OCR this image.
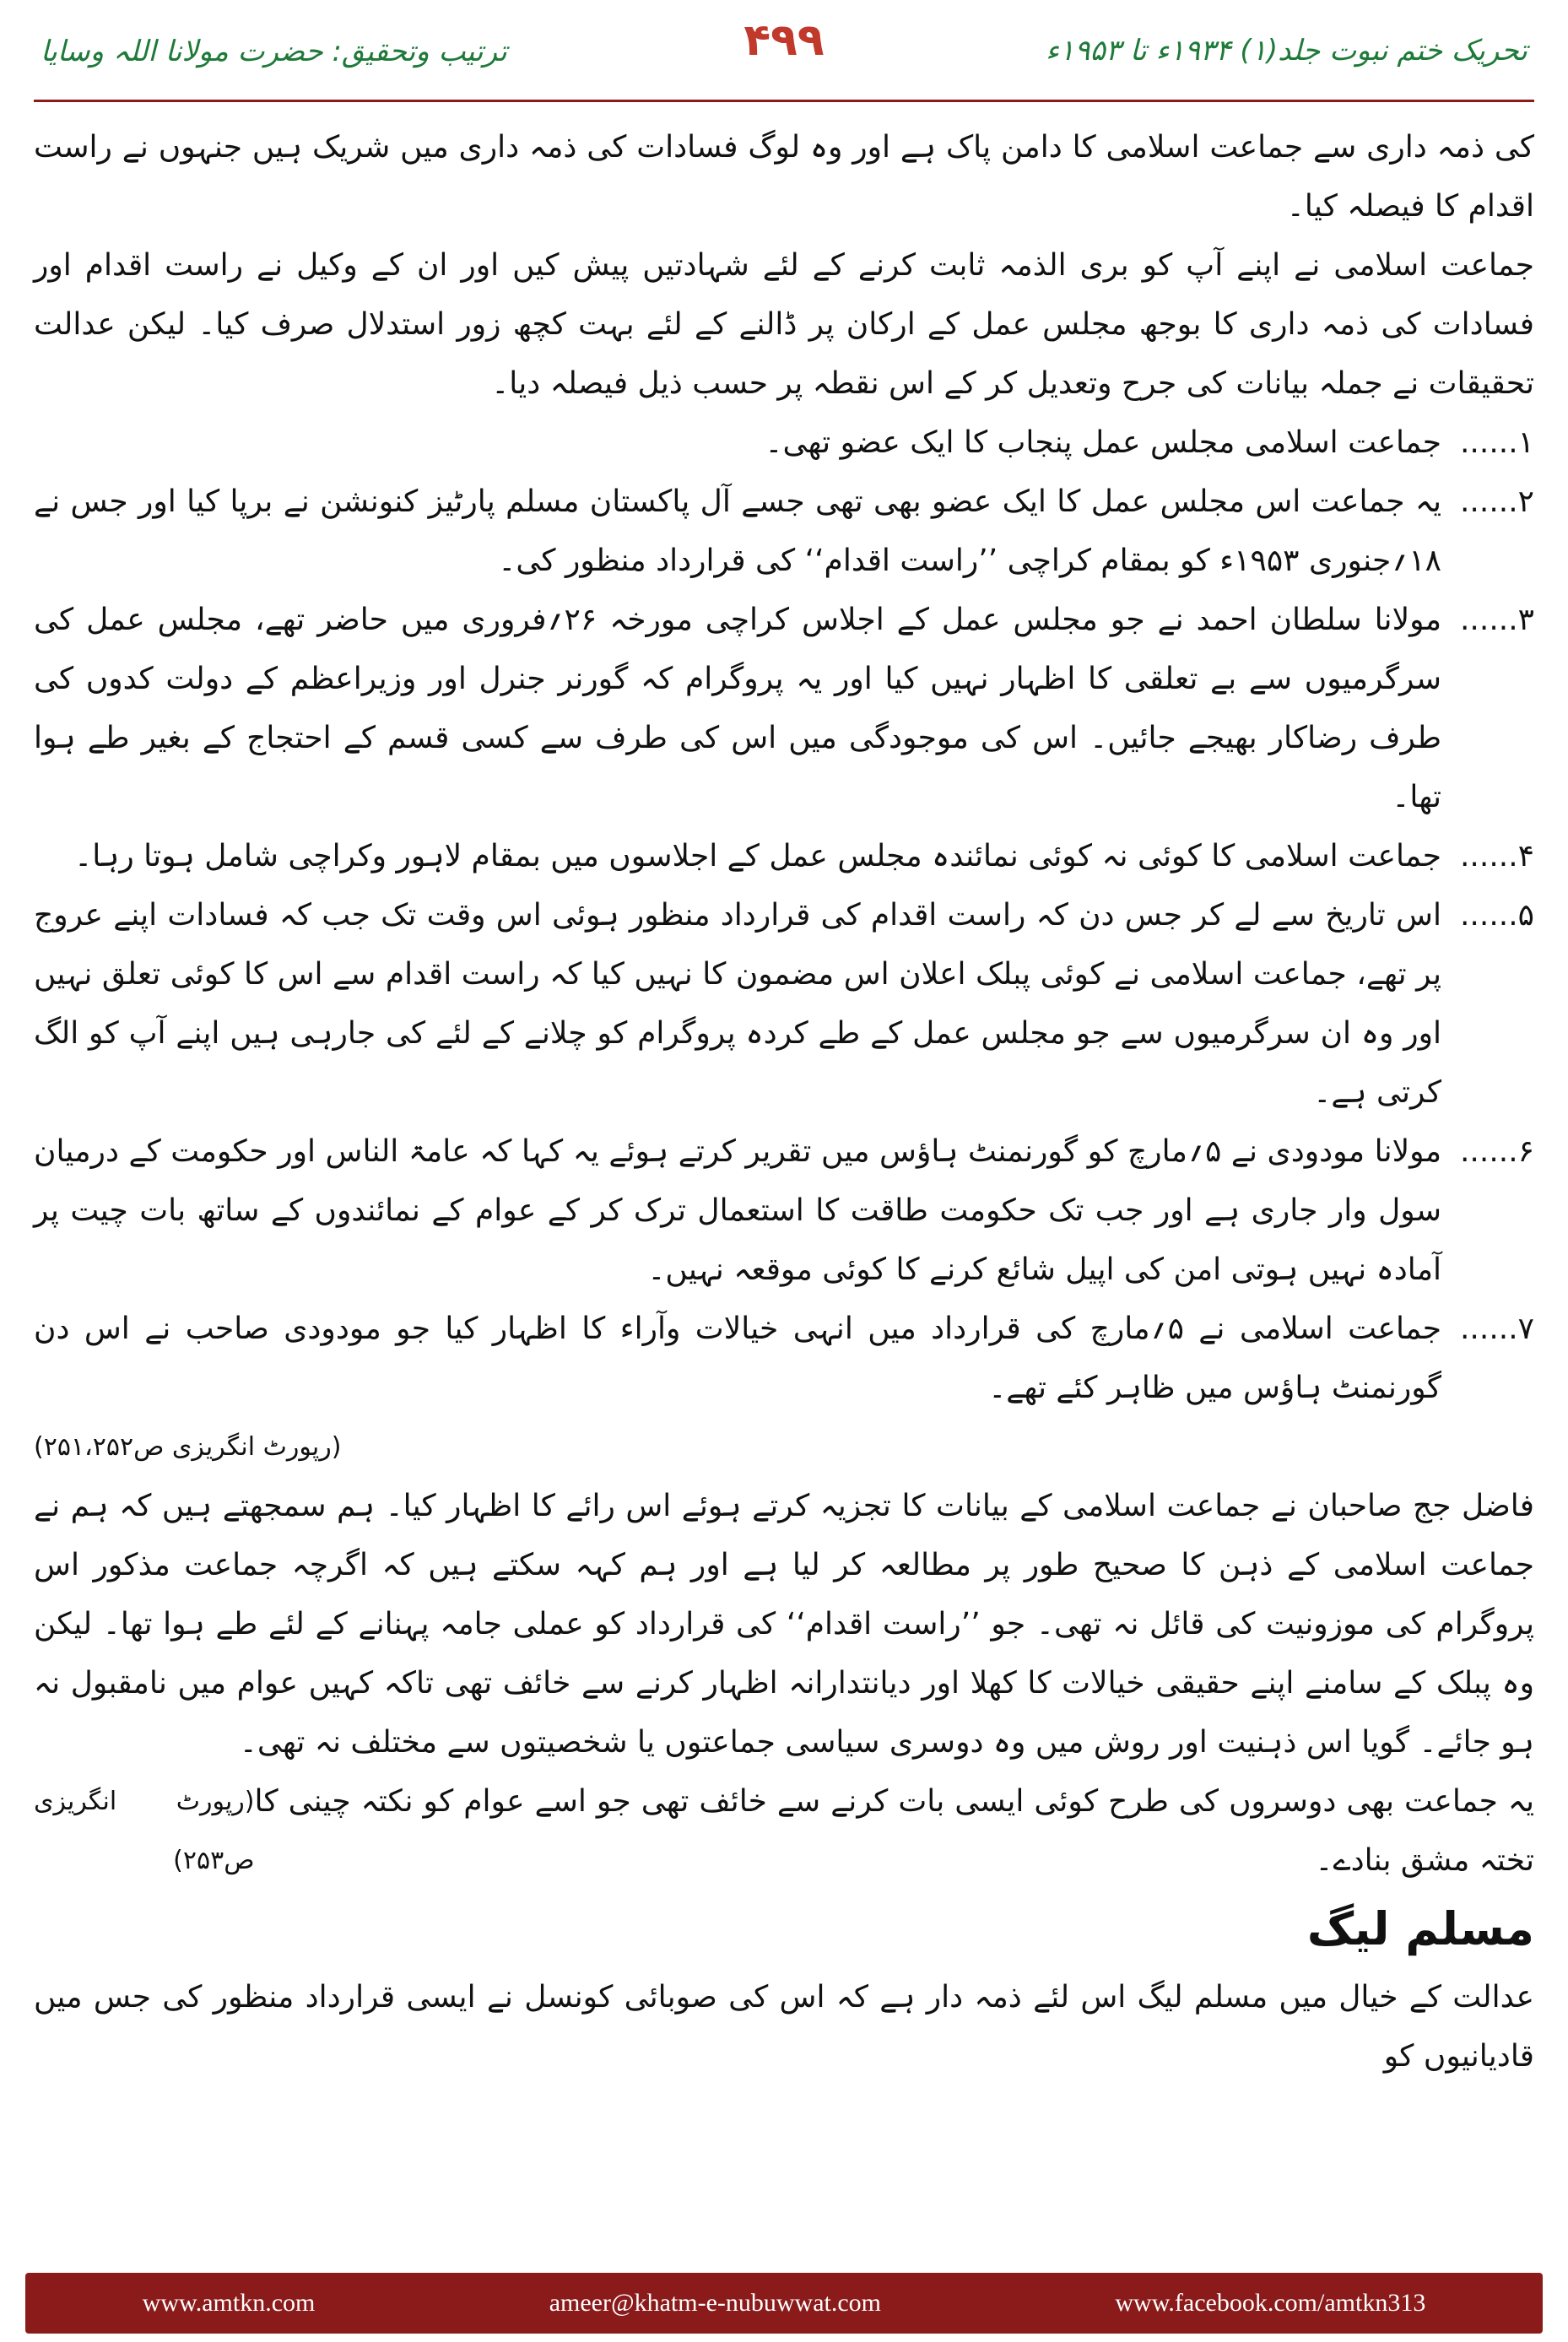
ترتیب وتحقیق: حضرت مولانا اللہ وسایا	۴۹۹	تحریک ختم نبوت جلد(۱) ۱۹۳۴ء تا ۱۹۵۳ء

کی ذمہ داری سے جماعت اسلامی کا دامن پاک ہے اور وہ لوگ فسادات کی ذمہ داری میں شریک ہیں جنہوں نے راست اقدام کا فیصلہ کیا۔

جماعت اسلامی نے اپنے آپ کو بری الذمہ ثابت کرنے کے لئے شہادتیں پیش کیں اور ان کے وکیل نے راست اقدام اور فسادات کی ذمہ داری کا بوجھ مجلس عمل کے ارکان پر ڈالنے کے لئے بہت کچھ زور استدلال صرف کیا۔ لیکن عدالت تحقیقات نے جملہ بیانات کی جرح وتعدیل کر کے اس نقطہ پر حسب ذیل فیصلہ دیا۔

۱......
جماعت اسلامی مجلس عمل پنجاب کا ایک عضو تھی۔
۲......
یہ جماعت اس مجلس عمل کا ایک عضو بھی تھی جسے آل پاکستان مسلم پارٹیز کنونشن نے برپا کیا اور جس نے ۱۸؍جنوری ۱۹۵۳ء کو بمقام کراچی ’’راست اقدام‘‘ کی قرارداد منظور کی۔
۳......
مولانا سلطان احمد نے جو مجلس عمل کے اجلاس کراچی مورخہ ۲۶؍فروری میں حاضر تھے، مجلس عمل کی سرگرمیوں سے بے تعلقی کا اظہار نہیں کیا اور یہ پروگرام کہ گورنر جنرل اور وزیراعظم کے دولت کدوں کی طرف رضاکار بھیجے جائیں۔ اس کی موجودگی میں اس کی طرف سے کسی قسم کے احتجاج کے بغیر طے ہوا تھا۔
۴......
جماعت اسلامی کا کوئی نہ کوئی نمائندہ مجلس عمل کے اجلاسوں میں بمقام لاہور وکراچی شامل ہوتا رہا۔
۵......
اس تاریخ سے لے کر جس دن کہ راست اقدام کی قرارداد منظور ہوئی اس وقت تک جب کہ فسادات اپنے عروج پر تھے، جماعت اسلامی نے کوئی پبلک اعلان اس مضمون کا نہیں کیا کہ راست اقدام سے اس کا کوئی تعلق نہیں اور وہ ان سرگرمیوں سے جو مجلس عمل کے طے کردہ پروگرام کو چلانے کے لئے کی جارہی ہیں اپنے آپ کو الگ کرتی ہے۔
۶......
مولانا مودودی نے ۵؍مارچ کو گورنمنٹ ہاؤس میں تقریر کرتے ہوئے یہ کہا کہ عامۃ الناس اور حکومت کے درمیان سول وار جاری ہے اور جب تک حکومت طاقت کا استعمال ترک کر کے عوام کے نمائندوں کے ساتھ بات چیت پر آمادہ نہیں ہوتی امن کی اپیل شائع کرنے کا کوئی موقعہ نہیں۔
۷......
جماعت اسلامی نے ۵؍مارچ کی قرارداد میں انہی خیالات وآراء کا اظہار کیا جو مودودی صاحب نے اس دن گورنمنٹ ہاؤس میں ظاہر کئے تھے۔
(رپورٹ انگریزی ص۲۵۱،۲۵۲)

فاضل جج صاحبان نے جماعت اسلامی کے بیانات کا تجزیہ کرتے ہوئے اس رائے کا اظہار کیا۔ ہم سمجھتے ہیں کہ ہم نے جماعت اسلامی کے ذہن کا صحیح طور پر مطالعہ کر لیا ہے اور ہم کہہ سکتے ہیں کہ اگرچہ جماعت مذکور اس پروگرام کی موزونیت کی قائل نہ تھی۔ جو ’’راست اقدام‘‘ کی قرارداد کو عملی جامہ پہنانے کے لئے طے ہوا تھا۔ لیکن وہ پبلک کے سامنے اپنے حقیقی خیالات کا کھلا اور دیانتدارانہ اظہار کرنے سے خائف تھی تاکہ کہیں عوام میں نامقبول نہ ہو جائے۔ گویا اس ذہنیت اور روش میں وہ دوسری سیاسی جماعتوں یا شخصیتوں سے مختلف نہ تھی۔

یہ جماعت بھی دوسروں کی طرح کوئی ایسی بات کرنے سے خائف تھی جو اسے عوام کو نکتہ چینی کا تختہ مشق بنادے۔
(رپورٹ انگریزی ص۲۵۳)
مسلم لیگ

عدالت کے خیال میں مسلم لیگ اس لئے ذمہ دار ہے کہ اس کی صوبائی کونسل نے ایسی قرارداد منظور کی جس میں قادیانیوں کو

www.amtkn.com	ameer@khatm-e-nubuwwat.com	www.facebook.com/amtkn313
